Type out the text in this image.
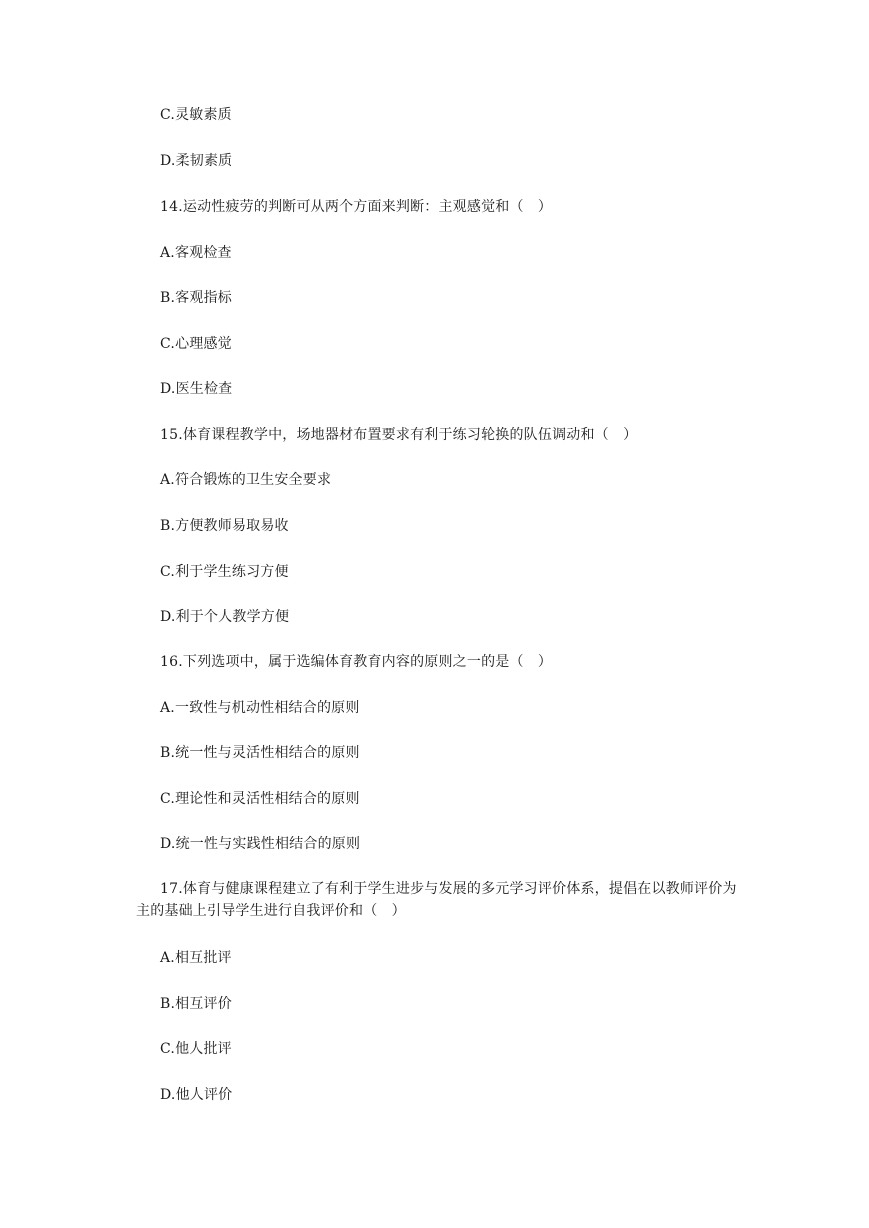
C.灵敏素质
D.柔韧素质
14.运动性疲劳的判断可从两个方面来判断：主观感觉和（　）
A.客观检查
B.客观指标
C.心理感觉
D.医生检查
15.体育课程教学中，场地器材布置要求有利于练习轮换的队伍调动和（　）
A.符合锻炼的卫生安全要求
B.方便教师易取易收
C.利于学生练习方便
D.利于个人教学方便
16.下列选项中，属于选编体育教育内容的原则之一的是（　）
A.一致性与机动性相结合的原则
B.统一性与灵活性相结合的原则
C.理论性和灵活性相结合的原则
D.统一性与实践性相结合的原则
17.体育与健康课程建立了有利于学生进步与发展的多元学习评价体系，提倡在以教师评价为主的基础上引导学生进行自我评价和（　）
A.相互批评
B.相互评价
C.他人批评
D.他人评价
